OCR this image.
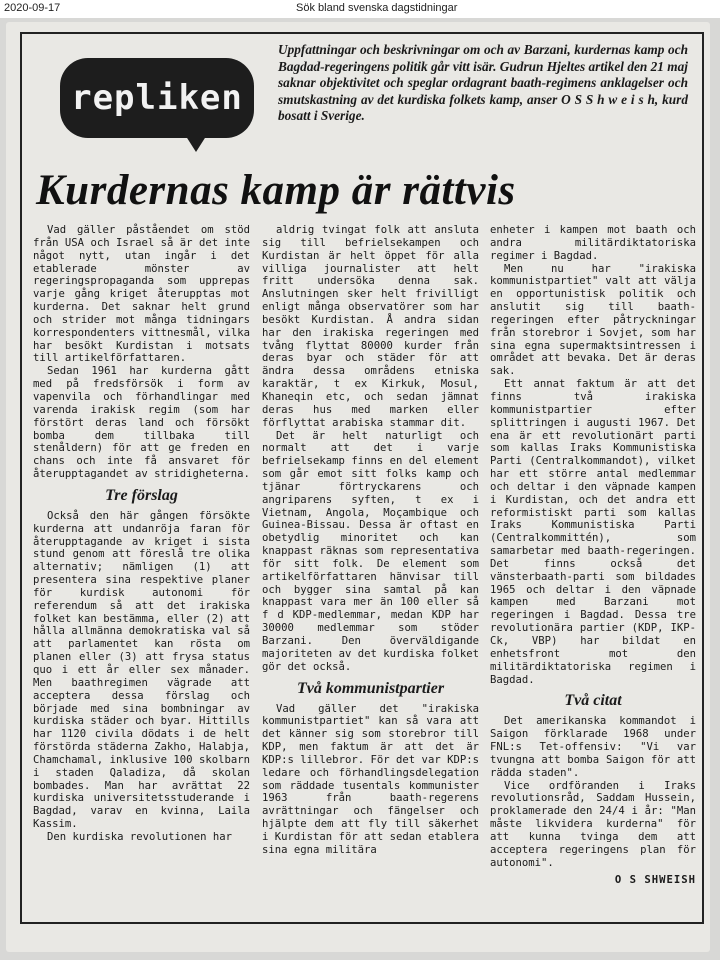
2020-09-17	Sök bland svenska dagstidningar
repliken
Uppfattningar och beskrivningar om och av Barzani, kurdernas kamp och Bagdad-regeringens politik går vitt isär. Gudrun Hjeltes artikel den 21 maj saknar objektivitet och speglar ordagrant baath-regimens anklagelser och smutskastning av det kurdiska folkets kamp, anser O S S h w e i s h, kurd bosatt i Sverige.
Kurdernas kamp är rättvis

Vad gäller påståendet om stöd från USA och Israel så är det inte något nytt, utan ingår i det etablerade mönster av regeringspropaganda som upprepas varje gång kriget återupptas mot kurderna. Det saknar helt grund och strider mot många tidningars korrespondenters vittnesmål, vilka har besökt Kurdistan i motsats till artikelförfattaren.

Sedan 1961 har kurderna gått med på fredsförsök i form av vapenvila och förhandlingar med varenda irakisk regim (som har förstört deras land och försökt bomba dem tillbaka till stenåldern) för att ge freden en chans och inte få ansvaret för återupptagandet av stridigheterna.

Tre förslag

Också den här gången försökte kurderna att undanröja faran för återupptagande av kriget i sista stund genom att föreslå tre olika alternativ; nämligen (1) att presentera sina respektive planer för kurdisk autonomi för referendum så att det irakiska folket kan bestämma, eller (2) att hålla allmänna demokratiska val så att parlamentet kan rösta om planen eller (3) att frysa status quo i ett år eller sex månader. Men baathregimen vägrade att acceptera dessa förslag och började med sina bombningar av kurdiska städer och byar. Hittills har 1120 civila dödats i de helt förstörda städerna Zakho, Halabja, Chamchamal, inklusive 100 skolbarn i staden Qaladiza, då skolan bombades. Man har avrättat 22 kurdiska universitetsstuderande i Bagdad, varav en kvinna, Laila Kassim.

Den kurdiska revolutionen har

aldrig tvingat folk att ansluta sig till befrielsekampen och Kurdistan är helt öppet för alla villiga journalister att helt fritt undersöka denna sak. Anslutningen sker helt frivilligt enligt många observatörer som har besökt Kurdistan. Å andra sidan har den irakiska regeringen med tvång flyttat 80000 kurder från deras byar och städer för att ändra dessa områdens etniska karaktär, t ex Kirkuk, Mosul, Khaneqin etc, och sedan jämnat deras hus med marken eller förflyttat arabiska stammar dit.

Det är helt naturligt och normalt att det i varje befrielsekamp finns en del element som går emot sitt folks kamp och tjänar förtryckarens och angriparens syften, t ex i Vietnam, Angola, Moçambique och Guinea-Bissau. Dessa är oftast en obetydlig minoritet och kan knappast räknas som representativa för sitt folk. De element som artikelförfattaren hänvisar till och bygger sina samtal på kan knappast vara mer än 100 eller så f d KDP-medlemmar, medan KDP har 30000 medlemmar som stöder Barzani. Den överväldigande majoriteten av det kurdiska folket gör det också.

Två kommunistpartier

Vad gäller det "irakiska kommunistpartiet" kan så vara att det känner sig som storebror till KDP, men faktum är att det är KDP:s lillebror. För det var KDP:s ledare och förhandlingsdelegation som räddade tusentals kommunister 1963 från baath-regerens avrättningar och fängelser och hjälpte dem att fly till säkerhet i Kurdistan för att sedan etablera sina egna militära

enheter i kampen mot baath och andra militärdiktatoriska regimer i Bagdad.

Men nu har "irakiska kommunistpartiet" valt att välja en opportunistisk politik och anslutit sig till baath-regeringen efter påtryckningar från storebror i Sovjet, som har sina egna supermaktsintressen i området att bevaka. Det är deras sak.

Ett annat faktum är att det finns två irakiska kommunistpartier efter splittringen i augusti 1967. Det ena är ett revolutionärt parti som kallas Iraks Kommunistiska Parti (Centralkommandot), vilket har ett större antal medlemmar och deltar i den väpnade kampen i Kurdistan, och det andra ett reformistiskt parti som kallas Iraks Kommunistiska Parti (Centralkommittén), som samarbetar med baath-regeringen. Det finns också det vänsterbaath-parti som bildades 1965 och deltar i den väpnade kampen med Barzani mot regeringen i Bagdad. Dessa tre revolutionära partier (KDP, IKP-Ck, VBP) har bildat en enhetsfront mot den militärdiktatoriska regimen i Bagdad.

Två citat

Det amerikanska kommandot i Saigon förklarade 1968 under FNL:s Tet-offensiv: "Vi var tvungna att bomba Saigon för att rädda staden".

Vice ordföranden i Iraks revolutionsråd, Saddam Hussein, proklamerade den 24/4 i år: "Man måste likvidera kurderna" för att kunna tvinga dem att acceptera regeringens plan för autonomi".

O S SHWEISH
